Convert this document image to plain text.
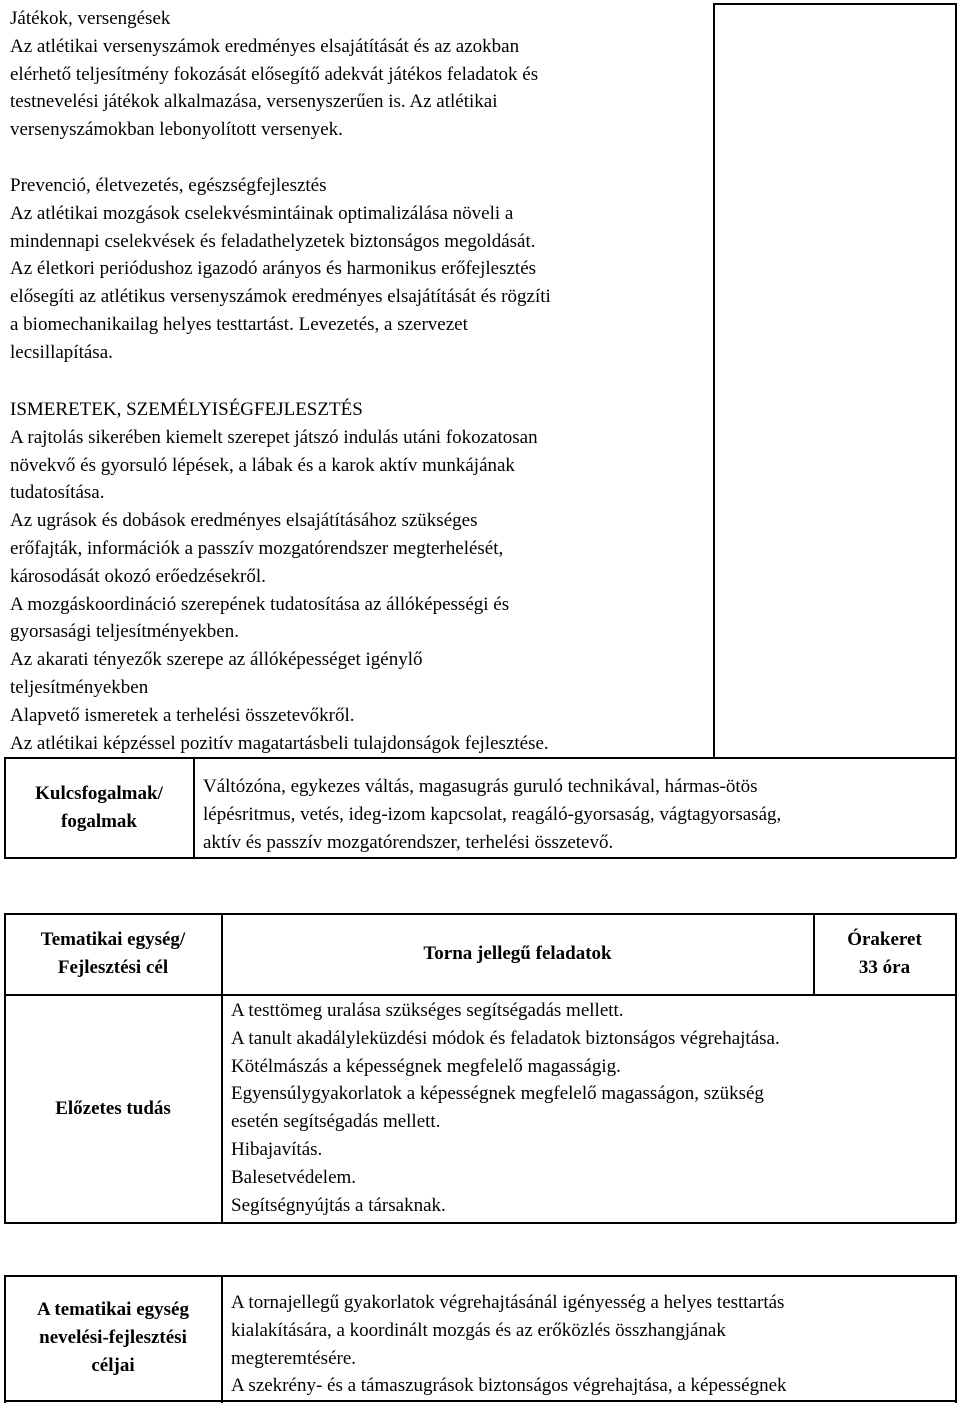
Játékok, versengések
Az atlétikai versenyszámok eredményes elsajátítását és az azokban
elérhető teljesítmény fokozását elősegítő adekvát játékos feladatok és
testnevelési játékok alkalmazása, versenyszerűen is. Az atlétikai
versenyszámokban lebonyolított versenyek.
Prevenció, életvezetés, egészségfejlesztés
Az atlétikai mozgások cselekvésmintáinak optimalizálása növeli a
mindennapi cselekvések és feladathelyzetek biztonságos megoldását.
Az életkori periódushoz igazodó arányos és harmonikus erőfejlesztés
elősegíti az atlétikus versenyszámok eredményes elsajátítását és rögzíti
a biomechanikailag helyes testtartást. Levezetés, a szervezet
lecsillapítása.
ISMERETEK, SZEMÉLYISÉGFEJLESZTÉS
A rajtolás sikerében kiemelt szerepet játszó indulás utáni fokozatosan
növekvő és gyorsuló lépések, a lábak és a karok aktív munkájának
tudatosítása.
Az ugrások és dobások eredményes elsajátításához szükséges
erőfajták, információk a passzív mozgatórendszer megterhelését,
károsodását okozó erőedzésekről.
A mozgáskoordináció szerepének tudatosítása az állóképességi és
gyorsasági teljesítményekben.
Az akarati tényezők szerepe az állóképességet igénylő
teljesítményekben
Alapvető ismeretek a terhelési összetevőkről.
Az atlétikai képzéssel pozitív magatartásbeli tulajdonságok fejlesztése.
Kulcsfogalmak/
fogalmak
Váltózóna, egykezes váltás, magasugrás guruló technikával, hármas-ötös
lépésritmus, vetés, ideg-izom kapcsolat, reagáló-gyorsaság, vágtagyorsaság,
aktív és passzív mozgatórendszer, terhelési összetevő.
Tematikai egység/
Fejlesztési cél
Torna jellegű feladatok
Órakeret
33 óra
Előzetes tudás
A testtömeg uralása szükséges segítségadás mellett.
A tanult akadályleküzdési módok és feladatok biztonságos végrehajtása.
Kötélmászás a képességnek megfelelő magasságig.
Egyensúlygyakorlatok a képességnek megfelelő magasságon, szükség
esetén segítségadás mellett.
Hibajavítás.
Balesetvédelem.
Segítségnyújtás a társaknak.
A tematikai egység
nevelési-fejlesztési
céljai
A tornajellegű gyakorlatok végrehajtásánál igényesség a helyes testtartás
kialakítására, a koordinált mozgás és az erőközlés összhangjának
megteremtésére.
A szekrény- és a támaszugrások biztonságos végrehajtása, a képességnek
